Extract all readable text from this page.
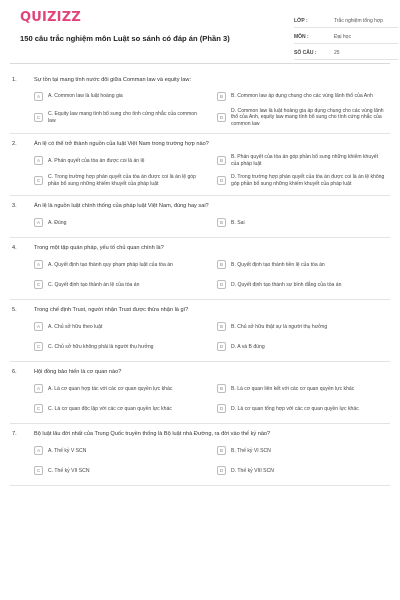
QUIZIZZ
150 câu trắc nghiệm môn Luật so sánh có đáp án (Phần 3)
LỚP :	Trắc nghiệm tổng hợp
MÔN :	Đại học
SỐ CÂU :	25
1.	Sự tồn tại mang tính nước đôi giữa Comman law và equity law:
A	A. Common law là luật hoàng gia	B	B. Common law áp dụng chung cho các vùng lãnh thổ của Anh
C
C. Equity law mang tính bổ sung cho tính cứng nhắc của common law	D
D. Common law là luật hoàng gia áp dụng chung cho các vùng lãnh thổ của Anh, equity law mang tính bổ sung cho tính cứng nhắc của common law
2.	Án lệ có thể trở thành nguồn của luật Việt Nam trong trường hợp nào?
A	A. Phán quyết của tòa án được coi là án lệ	B
B. Phán quyết của tòa án góp phần bổ sung những khiếm khuyết của pháp luật
C
C. Trong trường hợp phán quyết của tòa án được coi là án lệ góp phần bổ sung những khiếm khuyết của pháp luật	D
D. Trong trường hợp phán quyết của tòa án được coi là án lệ không góp phần bổ sung những khiếm khuyết của pháp luật
3.	Án lệ là nguồn luật chính thống của pháp luật Việt Nam, đúng hay sai?
A	A. Đúng	B	B. Sai
4.	Trong một tập quán pháp, yếu tố chủ quan chính là?
A	A. Quyết định tạo thành quy phạm pháp luật của tòa án	B	B. Quyết định tạo thành tiền lệ của tòa án
C	C. Quyết định tạo thành án lệ của tòa án	D	D. Quyết định tạo thành sự bình đẳng của tòa án
5.	Trong chế định Trust, người nhận Trust được thừa nhận là gì?
A	A. Chủ sở hữu theo luật	B	B. Chủ sở hữu thật sự là người thụ hưởng
C	C. Chủ sở hữu không phải là người thụ hưởng	D	D. A và B đúng
6.	Hội đồng bảo hiến là cơ quan nào?
A	A. Là cơ quan hợp tác với các cơ quan quyền lực khác	B	B. Là cơ quan liên kết với các cơ quan quyền lực khác
C	C. Là cơ quan độc lập với các cơ quan quyền lực khác	D	D. Là cơ quan tổng hợp với các cơ quan quyền lực khác
7.	Bộ luật lâu đời nhất của Trung Quốc truyền thống là Bộ luật nhà Đường, ra đời vào thế kỷ nào?
A	A. Thế kỷ V SCN	B	B. Thế kỷ VI SCN
C	C. Thế kỷ VII SCN	D	D. Thế kỷ VIII SCN
